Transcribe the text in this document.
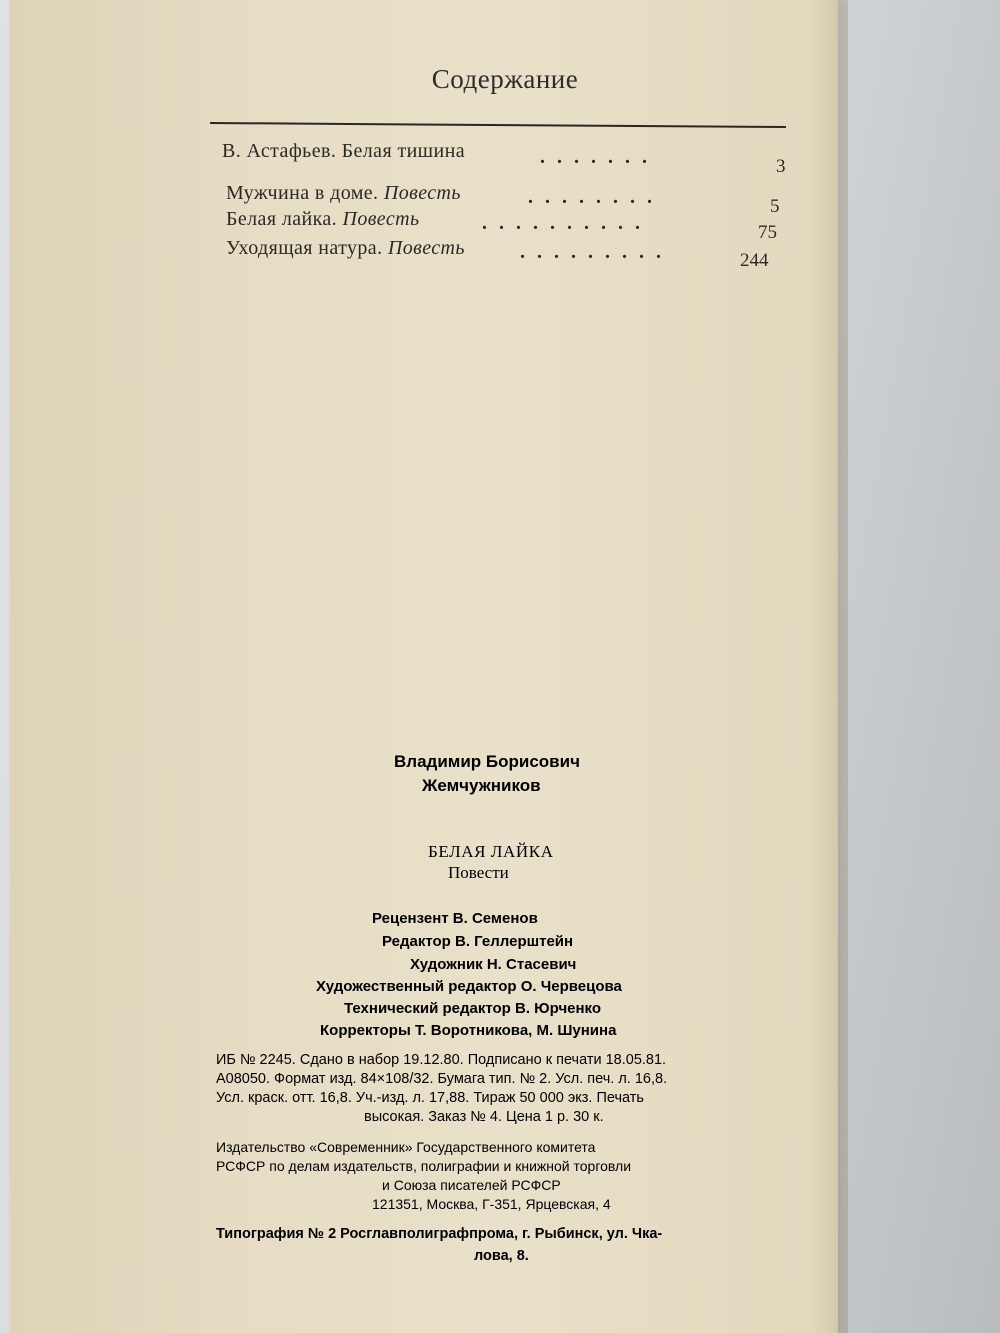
Содержание
В. Астафьев. Белая тишина	.......	3
Мужчина в доме. Повесть	........	5
Белая лайка. Повесть	..........	75
Уходящая натура. Повесть	.........	244
Владимир Борисович
Жемчужников
БЕЛАЯ ЛАЙКА
Повести
Рецензент В. Семенов
Редактор В. Геллерштейн
Художник Н. Стасевич
Художественный редактор О. Червецова
Технический редактор В. Юрченко
Корректоры Т. Воротникова, М. Шунина
ИБ № 2245. Сдано в набор 19.12.80. Подписано к печати 18.05.81.
А08050. Формат изд. 84×108/32. Бумага тип. № 2. Усл. печ. л. 16,8.
Усл. краск. отт. 16,8. Уч.-изд. л. 17,88. Тираж 50 000 экз. Печать
высокая. Заказ № 4. Цена 1 р. 30 к.
Издательство «Современник» Государственного комитета
РСФСР по делам издательств, полиграфии и книжной торговли
и Союза писателей РСФСР
121351, Москва, Г-351, Ярцевская, 4
Типография № 2 Росглавполиграфпрома, г. Рыбинск, ул. Чка-
лова, 8.
